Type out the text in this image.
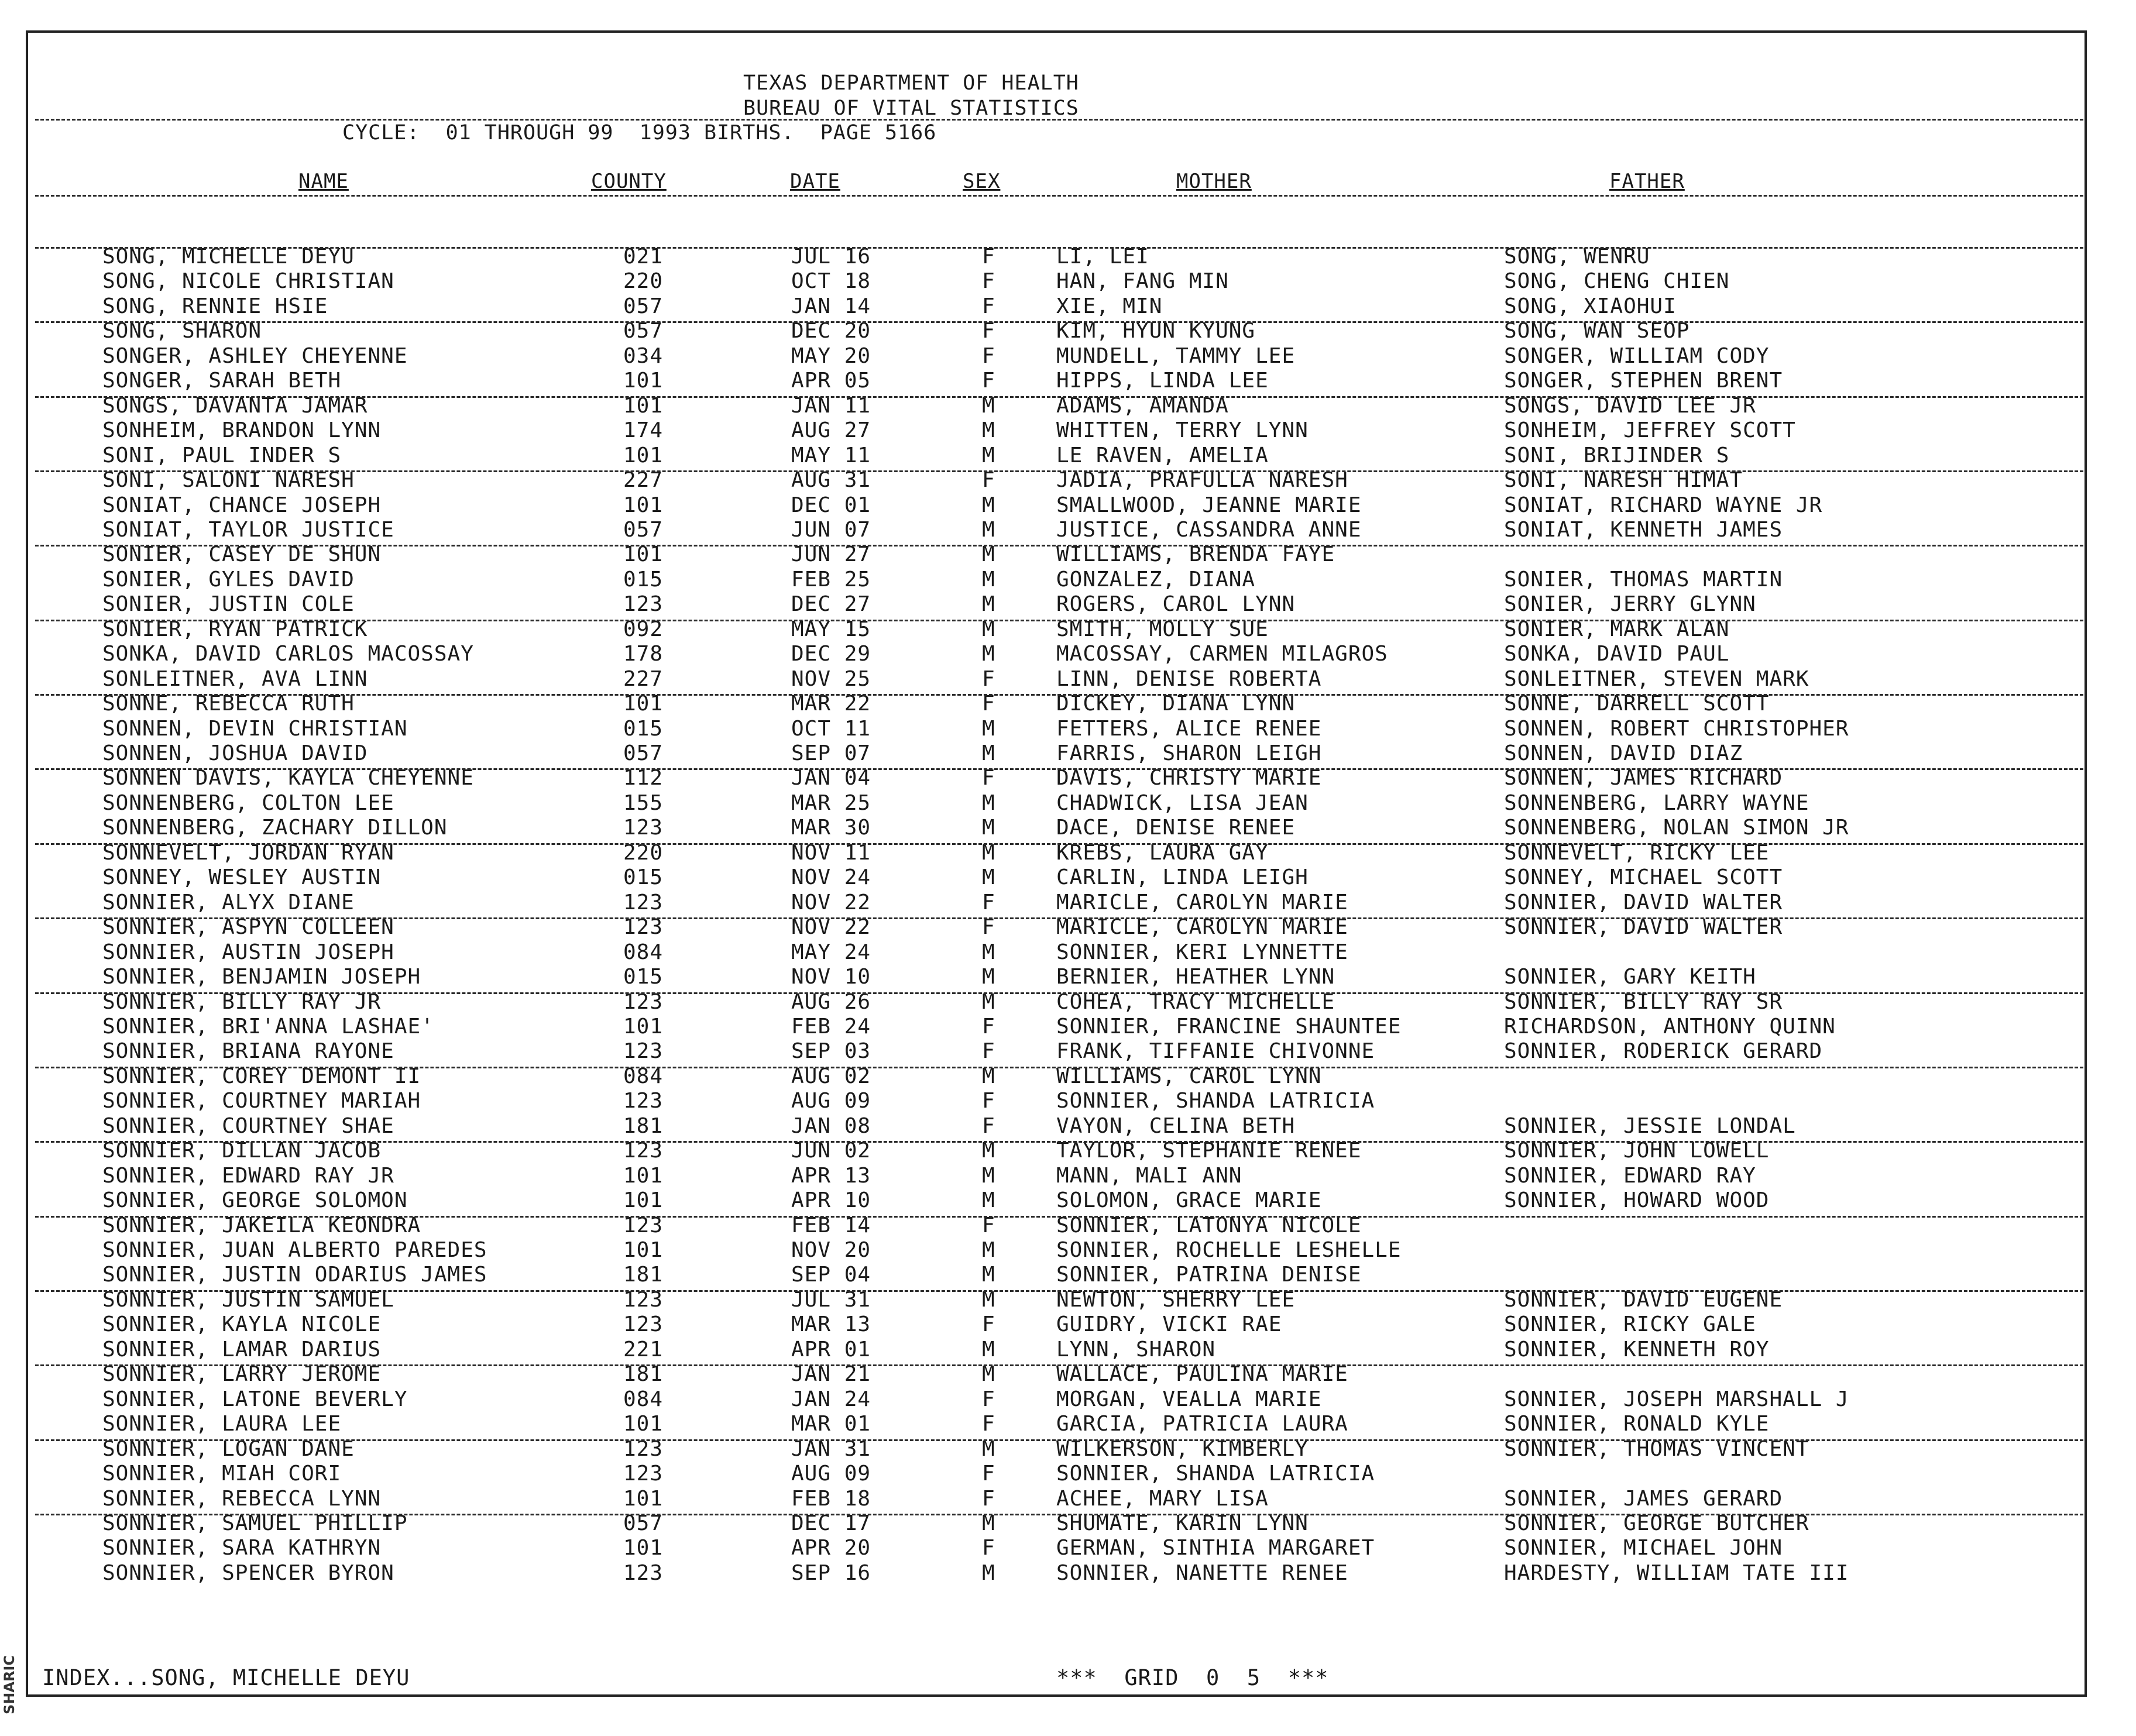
SHARIC
TEXAS DEPARTMENT OF HEALTH
BUREAU OF VITAL STATISTICS
CYCLE:  01 THROUGH 99  1993 BIRTHS.  PAGE 5166
NAME	COUNTY	DATE	SEX	MOTHER	FATHER
SONG, MICHELLE DEYU	021	JUL 16	F	LI, LEI	SONG, WENRU
SONG, NICOLE CHRISTIAN	220	OCT 18	F	HAN, FANG MIN	SONG, CHENG CHIEN
SONG, RENNIE HSIE	057	JAN 14	F	XIE, MIN	SONG, XIAOHUI
SONG, SHARON	057	DEC 20	F	KIM, HYUN KYUNG	SONG, WAN SEOP
SONGER, ASHLEY CHEYENNE	034	MAY 20	F	MUNDELL, TAMMY LEE	SONGER, WILLIAM CODY
SONGER, SARAH BETH	101	APR 05	F	HIPPS, LINDA LEE	SONGER, STEPHEN BRENT
SONGS, DAVANTA JAMAR	101	JAN 11	M	ADAMS, AMANDA	SONGS, DAVID LEE JR
SONHEIM, BRANDON LYNN	174	AUG 27	M	WHITTEN, TERRY LYNN	SONHEIM, JEFFREY SCOTT
SONI, PAUL INDER S	101	MAY 11	M	LE RAVEN, AMELIA	SONI, BRIJINDER S
SONI, SALONI NARESH	227	AUG 31	F	JADIA, PRAFULLA NARESH	SONI, NARESH HIMAT
SONIAT, CHANCE JOSEPH	101	DEC 01	M	SMALLWOOD, JEANNE MARIE	SONIAT, RICHARD WAYNE JR
SONIAT, TAYLOR JUSTICE	057	JUN 07	M	JUSTICE, CASSANDRA ANNE	SONIAT, KENNETH JAMES
SONIER, CASEY DE SHUN	101	JUN 27	M	WILLIAMS, BRENDA FAYE
SONIER, GYLES DAVID	015	FEB 25	M	GONZALEZ, DIANA	SONIER, THOMAS MARTIN
SONIER, JUSTIN COLE	123	DEC 27	M	ROGERS, CAROL LYNN	SONIER, JERRY GLYNN
SONIER, RYAN PATRICK	092	MAY 15	M	SMITH, MOLLY SUE	SONIER, MARK ALAN
SONKA, DAVID CARLOS MACOSSAY	178	DEC 29	M	MACOSSAY, CARMEN MILAGROS	SONKA, DAVID PAUL
SONLEITNER, AVA LINN	227	NOV 25	F	LINN, DENISE ROBERTA	SONLEITNER, STEVEN MARK
SONNE, REBECCA RUTH	101	MAR 22	F	DICKEY, DIANA LYNN	SONNE, DARRELL SCOTT
SONNEN, DEVIN CHRISTIAN	015	OCT 11	M	FETTERS, ALICE RENEE	SONNEN, ROBERT CHRISTOPHER
SONNEN, JOSHUA DAVID	057	SEP 07	M	FARRIS, SHARON LEIGH	SONNEN, DAVID DIAZ
SONNEN DAVIS, KAYLA CHEYENNE	112	JAN 04	F	DAVIS, CHRISTY MARIE	SONNEN, JAMES RICHARD
SONNENBERG, COLTON LEE	155	MAR 25	M	CHADWICK, LISA JEAN	SONNENBERG, LARRY WAYNE
SONNENBERG, ZACHARY DILLON	123	MAR 30	M	DACE, DENISE RENEE	SONNENBERG, NOLAN SIMON JR
SONNEVELT, JORDAN RYAN	220	NOV 11	M	KREBS, LAURA GAY	SONNEVELT, RICKY LEE
SONNEY, WESLEY AUSTIN	015	NOV 24	M	CARLIN, LINDA LEIGH	SONNEY, MICHAEL SCOTT
SONNIER, ALYX DIANE	123	NOV 22	F	MARICLE, CAROLYN MARIE	SONNIER, DAVID WALTER
SONNIER, ASPYN COLLEEN	123	NOV 22	F	MARICLE, CAROLYN MARIE	SONNIER, DAVID WALTER
SONNIER, AUSTIN JOSEPH	084	MAY 24	M	SONNIER, KERI LYNNETTE
SONNIER, BENJAMIN JOSEPH	015	NOV 10	M	BERNIER, HEATHER LYNN	SONNIER, GARY KEITH
SONNIER, BILLY RAY JR	123	AUG 26	M	COHEA, TRACY MICHELLE	SONNIER, BILLY RAY SR
SONNIER, BRI'ANNA LASHAE'	101	FEB 24	F	SONNIER, FRANCINE SHAUNTEE	RICHARDSON, ANTHONY QUINN
SONNIER, BRIANA RAYONE	123	SEP 03	F	FRANK, TIFFANIE CHIVONNE	SONNIER, RODERICK GERARD
SONNIER, COREY DEMONT II	084	AUG 02	M	WILLIAMS, CAROL LYNN
SONNIER, COURTNEY MARIAH	123	AUG 09	F	SONNIER, SHANDA LATRICIA
SONNIER, COURTNEY SHAE	181	JAN 08	F	VAYON, CELINA BETH	SONNIER, JESSIE LONDAL
SONNIER, DILLAN JACOB	123	JUN 02	M	TAYLOR, STEPHANIE RENEE	SONNIER, JOHN LOWELL
SONNIER, EDWARD RAY JR	101	APR 13	M	MANN, MALI ANN	SONNIER, EDWARD RAY
SONNIER, GEORGE SOLOMON	101	APR 10	M	SOLOMON, GRACE MARIE	SONNIER, HOWARD WOOD
SONNIER, JAKEILA KEONDRA	123	FEB 14	F	SONNIER, LATONYA NICOLE
SONNIER, JUAN ALBERTO PAREDES	101	NOV 20	M	SONNIER, ROCHELLE LESHELLE
SONNIER, JUSTIN ODARIUS JAMES	181	SEP 04	M	SONNIER, PATRINA DENISE
SONNIER, JUSTIN SAMUEL	123	JUL 31	M	NEWTON, SHERRY LEE	SONNIER, DAVID EUGENE
SONNIER, KAYLA NICOLE	123	MAR 13	F	GUIDRY, VICKI RAE	SONNIER, RICKY GALE
SONNIER, LAMAR DARIUS	221	APR 01	M	LYNN, SHARON	SONNIER, KENNETH ROY
SONNIER, LARRY JEROME	181	JAN 21	M	WALLACE, PAULINA MARIE
SONNIER, LATONE BEVERLY	084	JAN 24	F	MORGAN, VEALLA MARIE	SONNIER, JOSEPH MARSHALL J
SONNIER, LAURA LEE	101	MAR 01	F	GARCIA, PATRICIA LAURA	SONNIER, RONALD KYLE
SONNIER, LOGAN DANE	123	JAN 31	M	WILKERSON, KIMBERLY	SONNIER, THOMAS VINCENT
SONNIER, MIAH CORI	123	AUG 09	F	SONNIER, SHANDA LATRICIA
SONNIER, REBECCA LYNN	101	FEB 18	F	ACHEE, MARY LISA	SONNIER, JAMES GERARD
SONNIER, SAMUEL PHILLIP	057	DEC 17	M	SHUMATE, KARIN LYNN	SONNIER, GEORGE BUTCHER
SONNIER, SARA KATHRYN	101	APR 20	F	GERMAN, SINTHIA MARGARET	SONNIER, MICHAEL JOHN
SONNIER, SPENCER BYRON	123	SEP 16	M	SONNIER, NANETTE RENEE	HARDESTY, WILLIAM TATE III
INDEX...SONG, MICHELLE DEYU	***  GRID  0  5  ***
